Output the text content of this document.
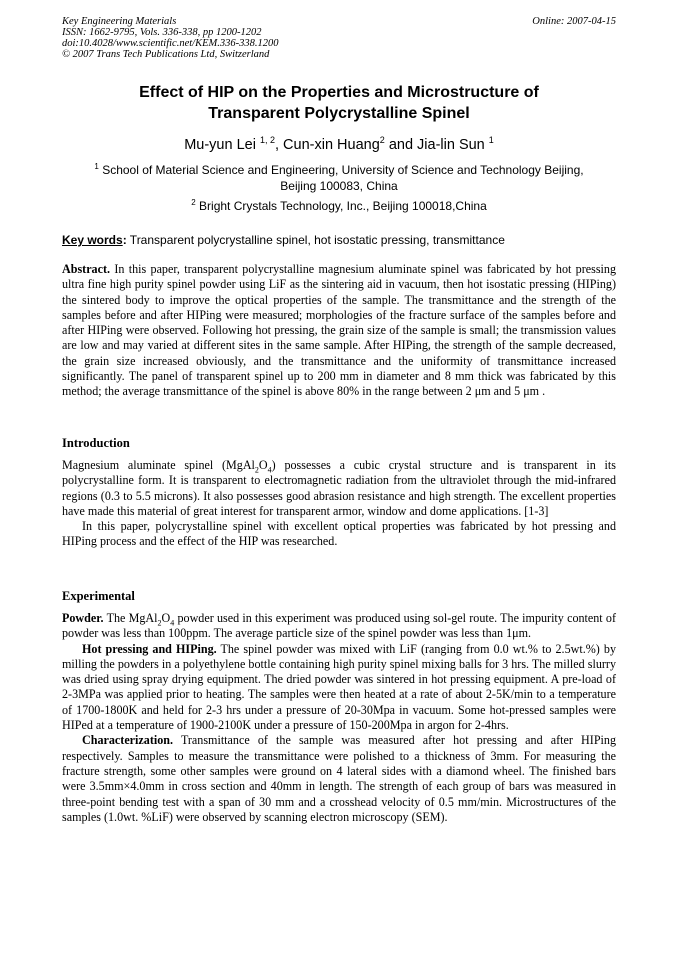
Key Engineering Materials
ISSN: 1662-9795, Vols. 336-338, pp 1200-1202
doi:10.4028/www.scientific.net/KEM.336-338.1200
© 2007 Trans Tech Publications Ltd, Switzerland
Online: 2007-04-15
Effect of HIP on the Properties and Microstructure of
Transparent Polycrystalline Spinel
Mu-yun Lei $^{1, 2}$, Cun-xin Huang$^2$ and Jia-lin Sun $^1$
$^1$ School of Material Science and Engineering, University of Science and Technology Beijing,
Beijing 100083, China
$^2$ Bright Crystals Technology, Inc., Beijing 100018,China
Key words: Transparent polycrystalline spinel, hot isostatic pressing, transmittance

Abstract. In this paper, transparent polycrystalline magnesium aluminate spinel was fabricated by hot pressing ultra fine high purity spinel powder using LiF as the sintering aid in vacuum, then hot isostatic pressing (HIPing) the sintered body to improve the optical properties of the sample. The transmittance and the strength of the samples before and after HIPing were measured; morphologies of the fracture surface of the samples before and after HIPing were observed. Following hot pressing, the grain size of the sample is small; the transmission values are low and may varied at different sites in the same sample. After HIPing, the strength of the sample decreased, the grain size increased obviously, and the transmittance and the uniformity of transmittance increased significantly. The panel of transparent spinel up to 200 mm in diameter and 8 mm thick was fabricated by this method; the average transmittance of the spinel is above 80% in the range between 2 μm and 5 μm .

Introduction

Magnesium aluminate spinel $(MgAl_2O_4)$ possesses a cubic crystal structure and is transparent in its polycrystalline form. It is transparent to electromagnetic radiation from the ultraviolet through the mid-infrared regions (0.3 to 5.5 microns). It also possesses good abrasion resistance and high strength. The excellent properties have made this material of great interest for transparent armor, window and dome applications. [1-3]

In this paper, polycrystalline spinel with excellent optical properties was fabricated by hot pressing and HIPing process and the effect of the HIP was researched.

Experimental

Powder. The $MgAl_2O_4$ powder used in this experiment was produced using sol-gel route. The impurity content of powder was less than 100ppm. The average particle size of the spinel powder was less than 1μm.

Hot pressing and HIPing. The spinel powder was mixed with LiF (ranging from 0.0 wt.% to 2.5wt.%) by milling the powders in a polyethylene bottle containing high purity spinel mixing balls for 3 hrs. The milled slurry was dried using spray drying equipment. The dried powder was sintered in hot pressing equipment. A pre-load of 2-3MPa was applied prior to heating. The samples were then heated at a rate of about 2-5K/min to a temperature of 1700-1800K and held for 2-3 hrs under a pressure of 20-30Mpa in vacuum. Some hot-pressed samples were HIPed at a temperature of 1900-2100K under a pressure of 150-200Mpa in argon for 2-4hrs.

Characterization. Transmittance of the sample was measured after hot pressing and after HIPing respectively. Samples to measure the transmittance were polished to a thickness of 3mm. For measuring the fracture strength, some other samples were ground on 4 lateral sides with a diamond wheel. The finished bars were 3.5mm×4.0mm in cross section and 40mm in length. The strength of each group of bars was measured in three-point bending test with a span of 30 mm and a crosshead velocity of 0.5 mm/min. Microstructures of the samples (1.0wt. %LiF) were observed by scanning electron microscopy (SEM).
